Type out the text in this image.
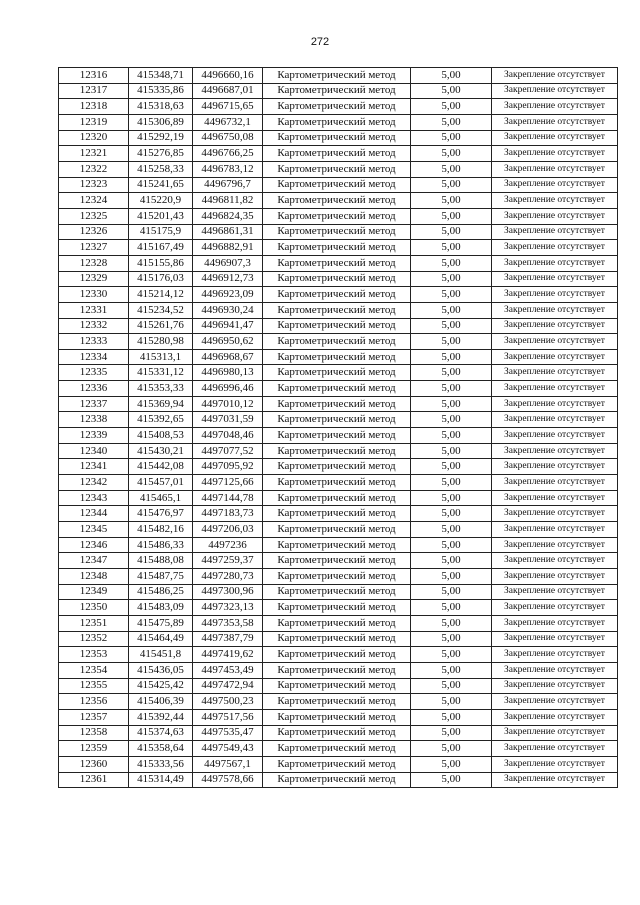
272
12316	415348,71	4496660,16	Картометрический метод	5,00	Закрепление отсутствует
12317	415335,86	4496687,01	Картометрический метод	5,00	Закрепление отсутствует
12318	415318,63	4496715,65	Картометрический метод	5,00	Закрепление отсутствует
12319	415306,89	4496732,1	Картометрический метод	5,00	Закрепление отсутствует
12320	415292,19	4496750,08	Картометрический метод	5,00	Закрепление отсутствует
12321	415276,85	4496766,25	Картометрический метод	5,00	Закрепление отсутствует
12322	415258,33	4496783,12	Картометрический метод	5,00	Закрепление отсутствует
12323	415241,65	4496796,7	Картометрический метод	5,00	Закрепление отсутствует
12324	415220,9	4496811,82	Картометрический метод	5,00	Закрепление отсутствует
12325	415201,43	4496824,35	Картометрический метод	5,00	Закрепление отсутствует
12326	415175,9	4496861,31	Картометрический метод	5,00	Закрепление отсутствует
12327	415167,49	4496882,91	Картометрический метод	5,00	Закрепление отсутствует
12328	415155,86	4496907,3	Картометрический метод	5,00	Закрепление отсутствует
12329	415176,03	4496912,73	Картометрический метод	5,00	Закрепление отсутствует
12330	415214,12	4496923,09	Картометрический метод	5,00	Закрепление отсутствует
12331	415234,52	4496930,24	Картометрический метод	5,00	Закрепление отсутствует
12332	415261,76	4496941,47	Картометрический метод	5,00	Закрепление отсутствует
12333	415280,98	4496950,62	Картометрический метод	5,00	Закрепление отсутствует
12334	415313,1	4496968,67	Картометрический метод	5,00	Закрепление отсутствует
12335	415331,12	4496980,13	Картометрический метод	5,00	Закрепление отсутствует
12336	415353,33	4496996,46	Картометрический метод	5,00	Закрепление отсутствует
12337	415369,94	4497010,12	Картометрический метод	5,00	Закрепление отсутствует
12338	415392,65	4497031,59	Картометрический метод	5,00	Закрепление отсутствует
12339	415408,53	4497048,46	Картометрический метод	5,00	Закрепление отсутствует
12340	415430,21	4497077,52	Картометрический метод	5,00	Закрепление отсутствует
12341	415442,08	4497095,92	Картометрический метод	5,00	Закрепление отсутствует
12342	415457,01	4497125,66	Картометрический метод	5,00	Закрепление отсутствует
12343	415465,1	4497144,78	Картометрический метод	5,00	Закрепление отсутствует
12344	415476,97	4497183,73	Картометрический метод	5,00	Закрепление отсутствует
12345	415482,16	4497206,03	Картометрический метод	5,00	Закрепление отсутствует
12346	415486,33	4497236	Картометрический метод	5,00	Закрепление отсутствует
12347	415488,08	4497259,37	Картометрический метод	5,00	Закрепление отсутствует
12348	415487,75	4497280,73	Картометрический метод	5,00	Закрепление отсутствует
12349	415486,25	4497300,96	Картометрический метод	5,00	Закрепление отсутствует
12350	415483,09	4497323,13	Картометрический метод	5,00	Закрепление отсутствует
12351	415475,89	4497353,58	Картометрический метод	5,00	Закрепление отсутствует
12352	415464,49	4497387,79	Картометрический метод	5,00	Закрепление отсутствует
12353	415451,8	4497419,62	Картометрический метод	5,00	Закрепление отсутствует
12354	415436,05	4497453,49	Картометрический метод	5,00	Закрепление отсутствует
12355	415425,42	4497472,94	Картометрический метод	5,00	Закрепление отсутствует
12356	415406,39	4497500,23	Картометрический метод	5,00	Закрепление отсутствует
12357	415392,44	4497517,56	Картометрический метод	5,00	Закрепление отсутствует
12358	415374,63	4497535,47	Картометрический метод	5,00	Закрепление отсутствует
12359	415358,64	4497549,43	Картометрический метод	5,00	Закрепление отсутствует
12360	415333,56	4497567,1	Картометрический метод	5,00	Закрепление отсутствует
12361	415314,49	4497578,66	Картометрический метод	5,00	Закрепление отсутствует
